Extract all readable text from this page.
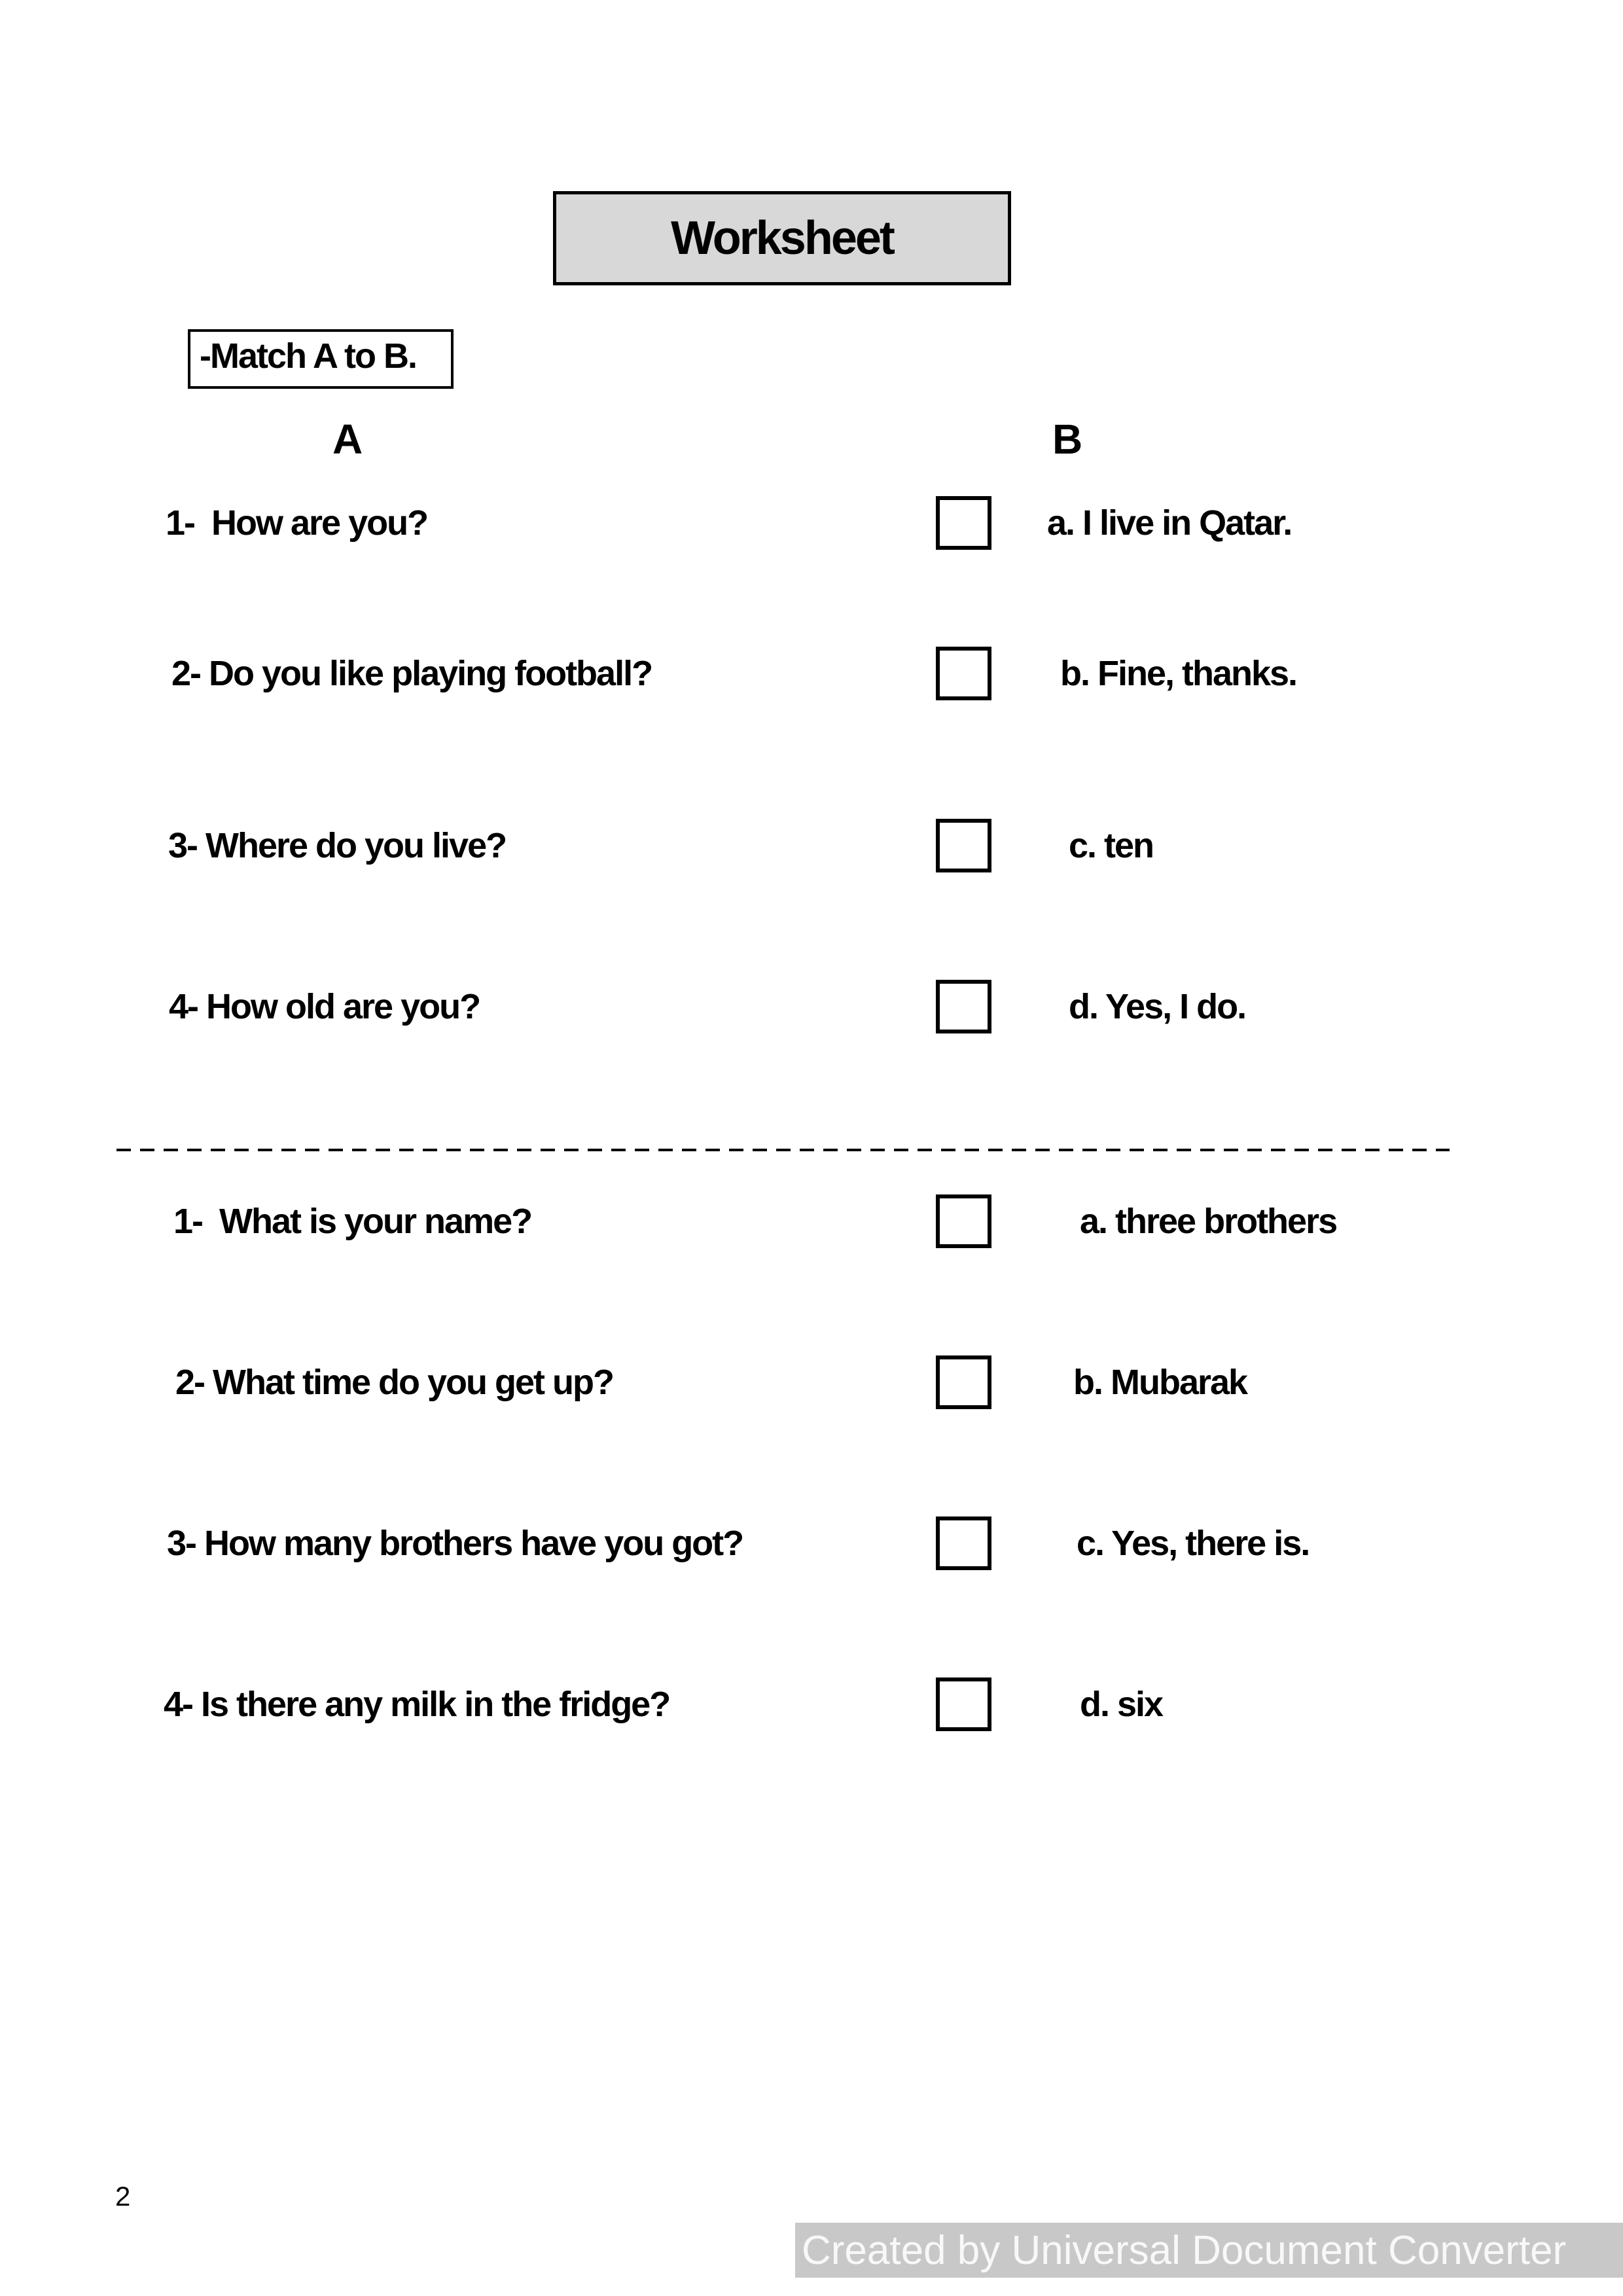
Worksheet
-Match A to B.
A	B
1-  How are you?	a. I live in Qatar.
2- Do you like playing football?	b. Fine, thanks.
3- Where do you live?	c. ten
4- How old are you?	d. Yes, I do.
1-  What is your name?	a. three brothers
2- What time do you get up?	b. Mubarak
3- How many brothers have you got?	c. Yes, there is.
4- Is there any milk in the fridge?	d. six
2
Created by Universal Document Converter
